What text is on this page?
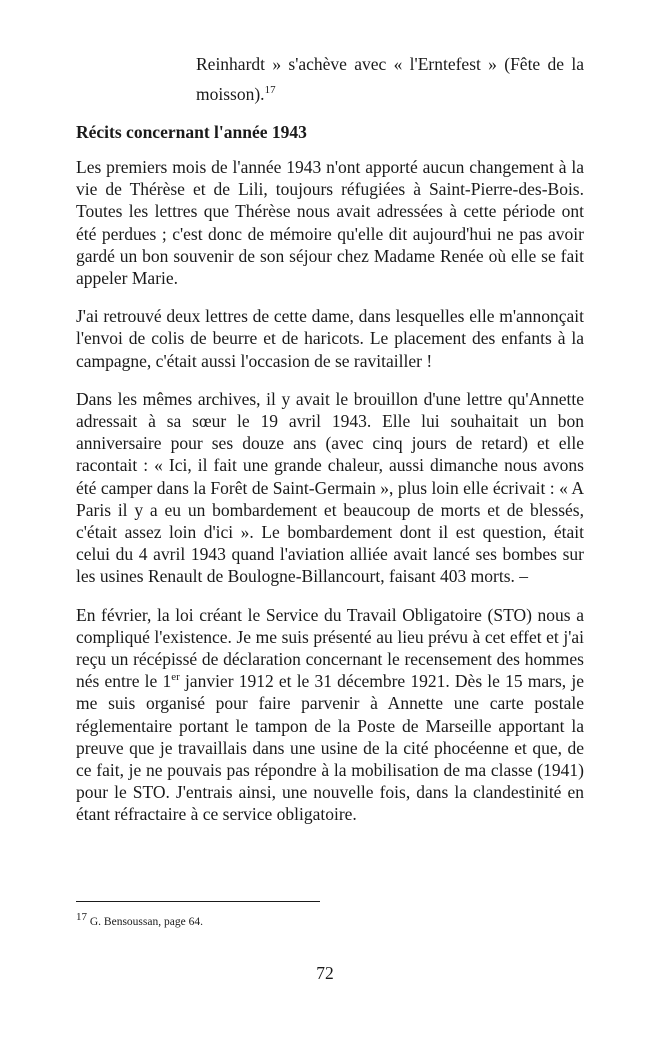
Reinhardt » s'achève avec « l'Erntefest » (Fête de la moisson).$^{17}$
Récits concernant l'année 1943

Les premiers mois de l'année 1943 n'ont apporté aucun changement à la vie de Thérèse et de Lili, toujours réfugiées à Saint-Pierre-des-Bois. Toutes les lettres que Thérèse nous avait adressées à cette période ont été perdues ; c'est donc de mémoire qu'elle dit aujourd'hui ne pas avoir gardé un bon souvenir de son séjour chez Madame Renée où elle se fait appeler Marie.

J'ai retrouvé deux lettres de cette dame, dans lesquelles elle m'annonçait l'envoi de colis de beurre et de haricots. Le placement des enfants à la campagne, c'était aussi l'occasion de se ravitailler !

Dans les mêmes archives, il y avait le brouillon d'une lettre qu'Annette adressait à sa sœur le 19 avril 1943. Elle lui souhaitait un bon anniversaire pour ses douze ans (avec cinq jours de retard) et elle racontait : « Ici, il fait une grande chaleur, aussi dimanche nous avons été camper dans la Forêt de Saint-Germain », plus loin elle écrivait : « A Paris il y a eu un bombardement et beaucoup de morts et de blessés, c'était assez loin d'ici ». Le bombardement dont il est question, était celui du 4 avril 1943 quand l'aviation alliée avait lancé ses bombes sur les usines Renault de Boulogne-Billancourt, faisant 403 morts. –

En février, la loi créant le Service du Travail Obligatoire (STO) nous a compliqué l'existence. Je me suis présenté au lieu prévu à cet effet et j'ai reçu un récépissé de déclaration concernant le recensement des hommes nés entre le 1er janvier 1912 et le 31 décembre 1921. Dès le 15 mars, je me suis organisé pour faire parvenir à Annette une carte postale réglementaire portant le tampon de la Poste de Marseille apportant la preuve que je travaillais dans une usine de la cité phocéenne et que, de ce fait, je ne pouvais pas répondre à la mobilisation de ma classe (1941) pour le STO. J'entrais ainsi, une nouvelle fois, dans la clandestinité en étant réfractaire à ce service obligatoire.

$^{17}$ G. Bensoussan, page 64.
72
